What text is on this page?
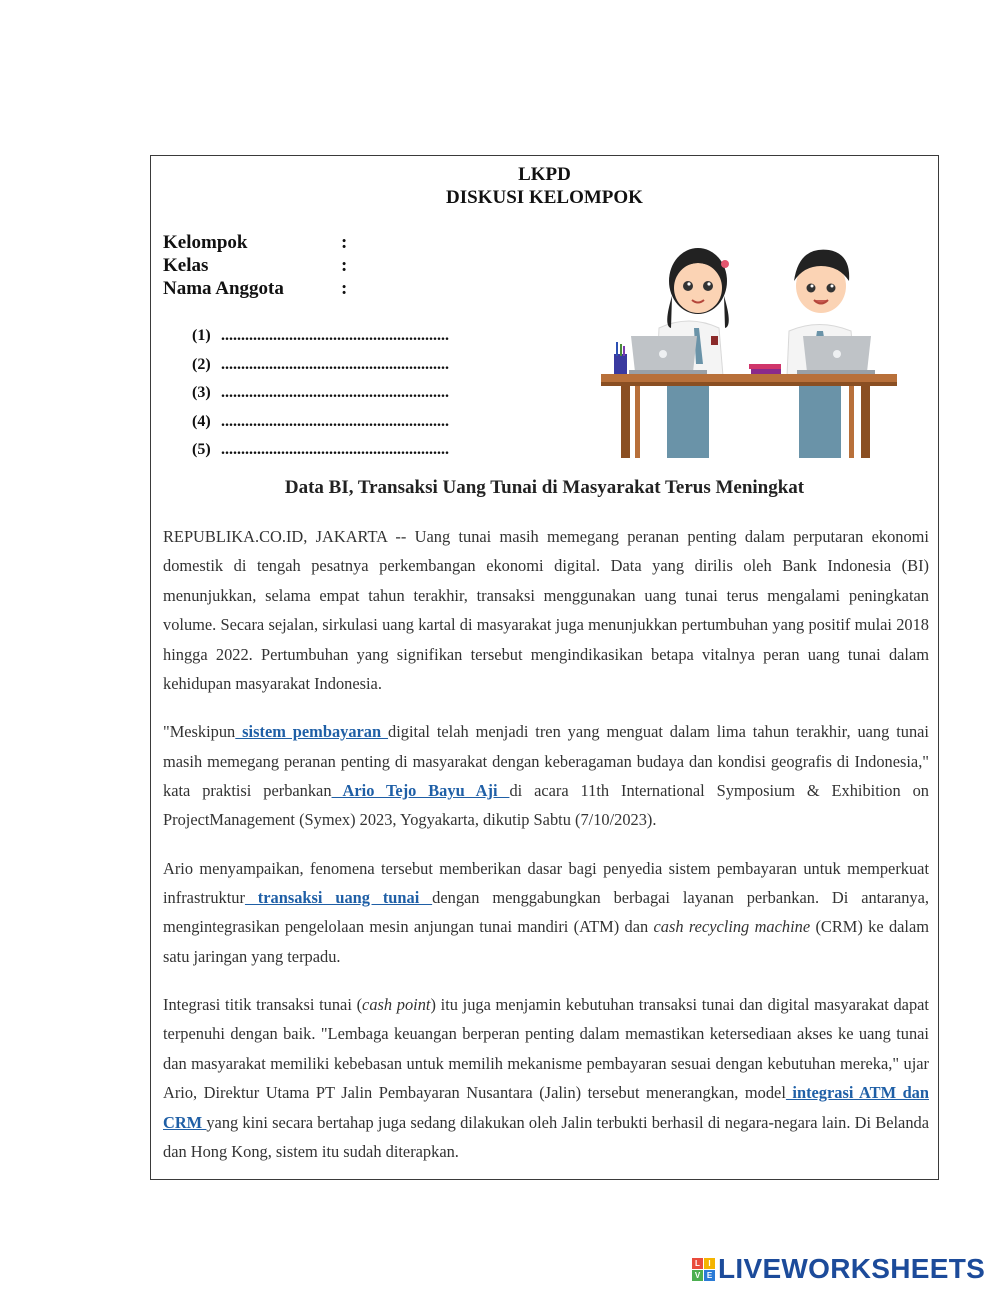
LKPD
DISKUSI KELOMPOK
Kelompok	:
Kelas	:
Nama Anggota	:
(1) .........................................................
(2) .........................................................
(3) .........................................................
(4) .........................................................
(5) .........................................................
Data BI, Transaksi Uang Tunai di Masyarakat Terus Meningkat

REPUBLIKA.CO.ID, JAKARTA -- Uang tunai masih memegang peranan penting dalam perputaran ekonomi domestik di tengah pesatnya perkembangan ekonomi digital. Data yang dirilis oleh Bank Indonesia (BI) menunjukkan, selama empat tahun terakhir, transaksi menggunakan uang tunai terus mengalami peningkatan volume. Secara sejalan, sirkulasi uang kartal di masyarakat juga menunjukkan pertumbuhan yang positif mulai 2018 hingga 2022. Pertumbuhan yang signifikan tersebut mengindikasikan betapa vitalnya peran uang tunai dalam kehidupan masyarakat Indonesia.

"Meskipun sistem pembayaran digital telah menjadi tren yang menguat dalam lima tahun terakhir, uang tunai masih memegang peranan penting di masyarakat dengan keberagaman budaya dan kondisi geografis di Indonesia," kata praktisi perbankan Ario Tejo Bayu Aji di acara 11th International Symposium & Exhibition on ProjectManagement (Symex) 2023, Yogyakarta, dikutip Sabtu (7/10/2023).

Ario menyampaikan, fenomena tersebut memberikan dasar bagi penyedia sistem pembayaran untuk memperkuat infrastruktur transaksi uang tunai dengan menggabungkan berbagai layanan perbankan. Di antaranya, mengintegrasikan pengelolaan mesin anjungan tunai mandiri (ATM) dan cash recycling machine (CRM) ke dalam satu jaringan yang terpadu.

Integrasi titik transaksi tunai (cash point) itu juga menjamin kebutuhan transaksi tunai dan digital masyarakat dapat terpenuhi dengan baik. "Lembaga keuangan berperan penting dalam memastikan ketersediaan akses ke uang tunai dan masyarakat memiliki kebebasan untuk memilih mekanisme pembayaran sesuai dengan kebutuhan mereka," ujar Ario, Direktur Utama PT Jalin Pembayaran Nusantara (Jalin) tersebut menerangkan, model integrasi ATM dan CRM yang kini secara bertahap juga sedang dilakukan oleh Jalin terbukti berhasil di negara-negara lain. Di Belanda dan Hong Kong, sistem itu sudah diterapkan.

L	I
V E LIVEWORKSHEETS
